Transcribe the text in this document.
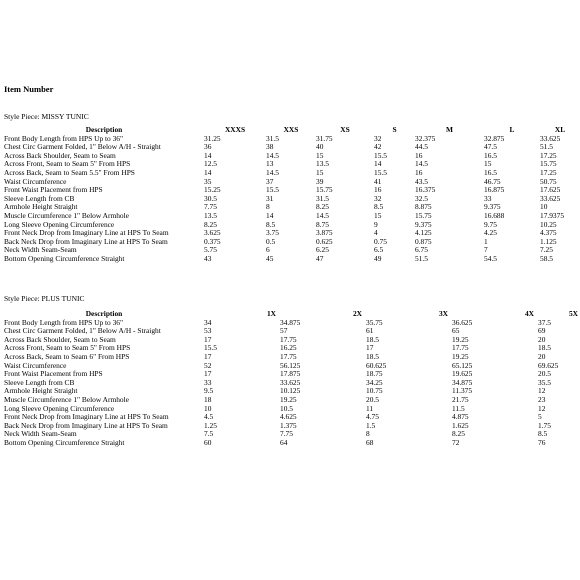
Item Number
Style Piece: MISSY TUNIC
Description	XXXS	XXS	XS	S	M	L	XL
Front Body Length from HPS Up to 36"	31.25	31.5	31.75	32	32.375	32.875	33.625
Chest Circ Garment Folded, 1" Below A/H - Straight	36	38	40	42	44.5	47.5	51.5
Across Back Shoulder, Seam to Seam	14	14.5	15	15.5	16	16.5	17.25
Across Front, Seam to Seam 5" From HPS	12.5	13	13.5	14	14.5	15	15.75
Across Back, Seam to Seam 5.5" From HPS	14	14.5	15	15.5	16	16.5	17.25
Waist Circumference	35	37	39	41	43.5	46.75	50.75
Front Waist Placement from HPS	15.25	15.5	15.75	16	16.375	16.875	17.625
Sleeve Length from CB	30.5	31	31.5	32	32.5	33	33.625
Armhole Height Straight	7.75	8	8.25	8.5	8.875	9.375	10
Muscle Circumference 1" Below Armhole	13.5	14	14.5	15	15.75	16.688	17.9375
Long Sleeve Opening Circumference	8.25	8.5	8.75	9	9.375	9.75	10.25
Front Neck Drop from Imaginary Line at HPS To Seam	3.625	3.75	3.875	4	4.125	4.25	4.375
Back Neck Drop from Imaginary Line at HPS To Seam	0.375	0.5	0.625	0.75	0.875	1	1.125
Neck Width Seam-Seam	5.75	6	6.25	6.5	6.75	7	7.25
Bottom Opening Circumference Straight	43	45	47	49	51.5	54.5	58.5
Style Piece: PLUS TUNIC
Description	1X	2X	3X	4X	5X
Front Body Length from HPS Up to 36"	34	34.875	35.75	36.625	37.5
Chest Circ Garment Folded, 1" Below A/H - Straight	53	57	61	65	69
Across Back Shoulder, Seam to Seam	17	17.75	18.5	19.25	20
Across Front, Seam to Seam 5" From HPS	15.5	16.25	17	17.75	18.5
Across Back, Seam to Seam 6" From HPS	17	17.75	18.5	19.25	20
Waist Circumference	52	56.125	60.625	65.125	69.625
Front Waist Placement from HPS	17	17.875	18.75	19.625	20.5
Sleeve Length from CB	33	33.625	34.25	34.875	35.5
Armhole Height Straight	9.5	10.125	10.75	11.375	12
Muscle Circumference 1" Below Armhole	18	19.25	20.5	21.75	23
Long Sleeve Opening Circumference	10	10.5	11	11.5	12
Front Neck Drop from Imaginary Line at HPS To Seam	4.5	4.625	4.75	4.875	5
Back Neck Drop from Imaginary Line at HPS To Seam	1.25	1.375	1.5	1.625	1.75
Neck Width Seam-Seam	7.5	7.75	8	8.25	8.5
Bottom Opening Circumference Straight	60	64	68	72	76
